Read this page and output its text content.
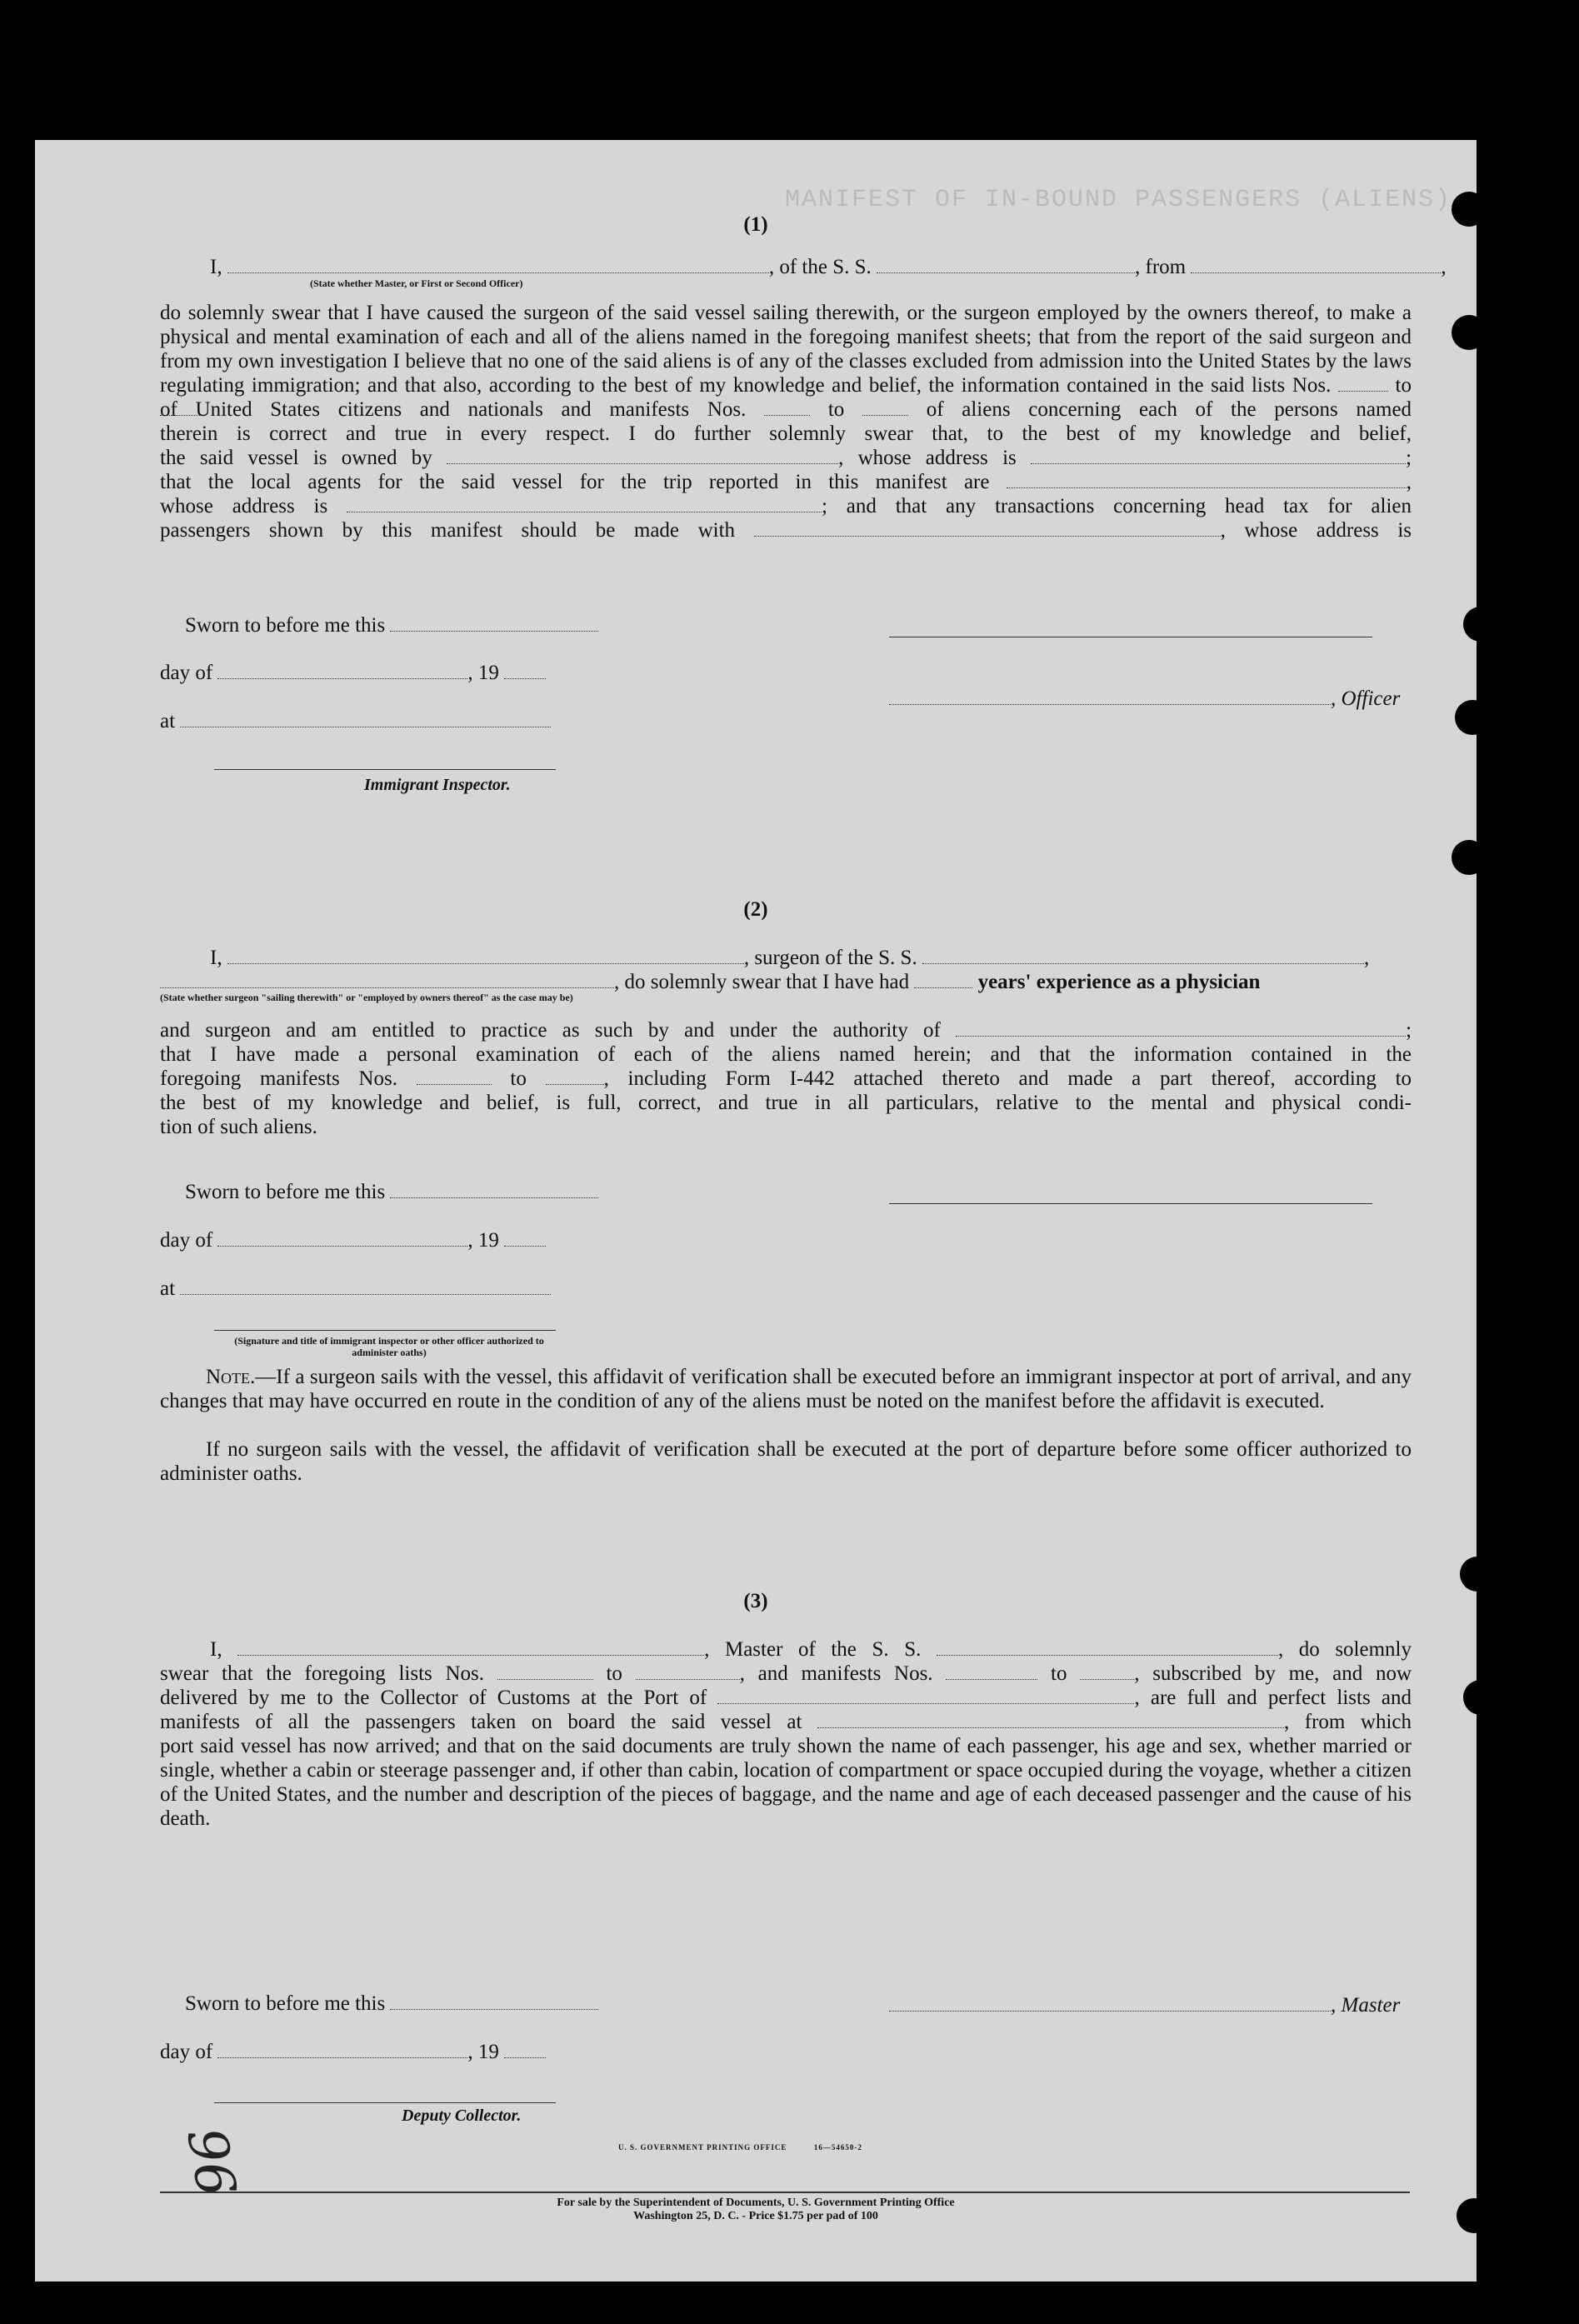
MANIFEST OF IN-BOUND PASSENGERS (ALIENS)
(1)
I,	, of the S. S.	, from	,
(State whether Master, or First or Second Officer)
do solemnly swear that I have caused the surgeon of the said vessel sailing therewith, or the surgeon employed by the owners thereof, to make a physical and mental examination of each and all of the aliens named in the foregoing manifest sheets; that from the report of the said surgeon and from my own investigation I believe that no one of the said aliens is of any of the classes excluded from admission into the United States by the laws regulating immigration; and that also, according to the best of my knowledge and belief, the information contained in the said lists Nos.	to
of United States citizens and nationals and manifests Nos.	to	of aliens concerning each of the persons named
therein is correct and true in every respect. I do further solemnly swear that, to the best of my knowledge and belief,
the said vessel is owned by	, whose address is	;
that the local agents for the said vessel for the trip reported in this manifest are	,
whose address is	; and that any transactions concerning head tax for alien
passengers shown by this manifest should be made with	, whose address is
Sworn to before me this
day of	, 19
, Officer
at
Immigrant Inspector.
(2)
I,	, surgeon of the S. S.	,
, do solemnly swear that I have had	years' experience as a physician
(State whether surgeon "sailing therewith" or "employed by owners thereof" as the case may be)
and surgeon and am entitled to practice as such by and under the authority of	;
that I have made a personal examination of each of the aliens named herein; and that the information contained in the
foregoing manifests Nos.	to	, including Form I-442 attached thereto and made a part thereof, according to
the best of my knowledge and belief, is full, correct, and true in all particulars, relative to the mental and physical condi-
tion of such aliens.
Sworn to before me this
day of	, 19
at
(Signature and title of immigrant inspector or other officer authorized to administer oaths)
Note.—If a surgeon sails with the vessel, this affidavit of verification shall be executed before an immigrant inspector at port of arrival, and any changes that may have occurred en route in the condition of any of the aliens must be noted on the manifest before the affidavit is executed.
If no surgeon sails with the vessel, the affidavit of verification shall be executed at the port of departure before some officer authorized to administer oaths.
(3)
I,	, Master of the S. S.	, do solemnly
swear that the foregoing lists Nos.	to	, and manifests Nos.	to	, subscribed by me, and now
delivered by me to the Collector of Customs at the Port of	, are full and perfect lists and
manifests of all the passengers taken on board the said vessel at	, from which
port said vessel has now arrived; and that on the said documents are truly shown the name of each passenger, his age and sex, whether married or single, whether a cabin or steerage passenger and, if other than cabin, location of compartment or space occupied during the voyage, whether a citizen of the United States, and the number and description of the pieces of baggage, and the name and age of each deceased passenger and the cause of his death.
Sworn to before me this	, Master
day of	, 19
Deputy Collector.
U. S. GOVERNMENT PRINTING OFFICE          16—54650-2
For sale by the Superintendent of Documents, U. S. Government Printing Office
Washington 25, D. C. - Price $1.75 per pad of 100
96
